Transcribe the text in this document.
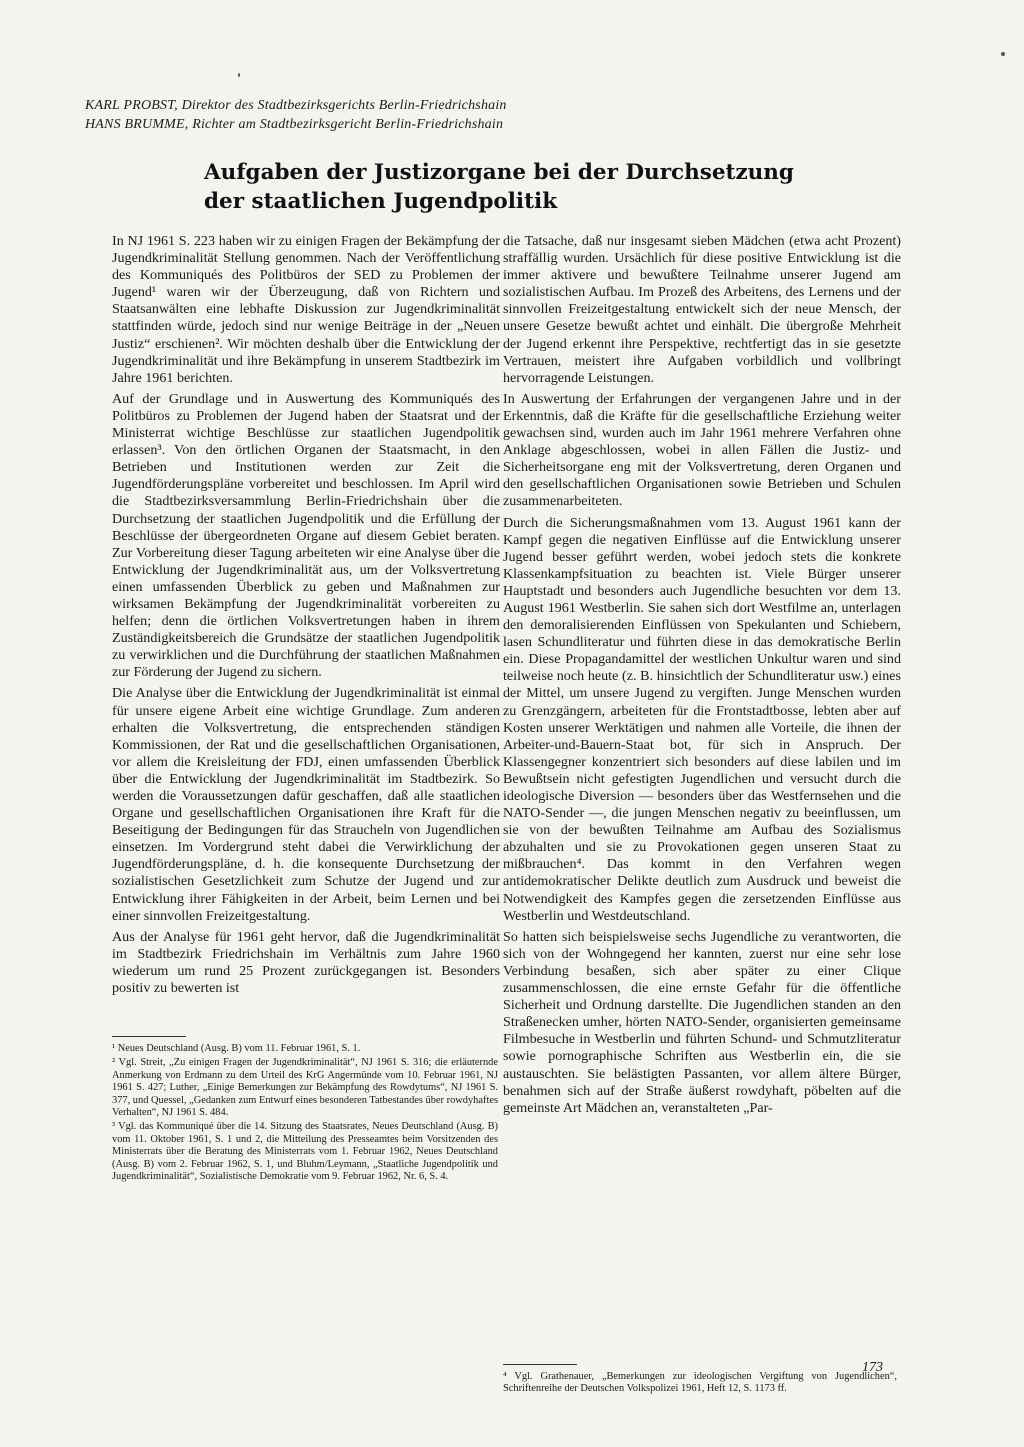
KARL PROBST, Direktor des Stadtbezirksgerichts Berlin-Friedrichshain
HANS BRUMME, Richter am Stadtbezirksgericht Berlin-Friedrichshain
Aufgaben der Justizorgane bei der Durchsetzung
der staatlichen Jugendpolitik

In NJ 1961 S. 223 haben wir zu einigen Fragen der Bekämpfung der Jugendkriminalität Stellung genommen. Nach der Veröffentlichung des Kommuniqués des Politbüros der SED zu Problemen der Jugend¹ waren wir der Überzeugung, daß von Richtern und Staatsanwälten eine lebhafte Diskussion zur Jugendkriminalität stattfinden würde, jedoch sind nur wenige Beiträge in der „Neuen Justiz“ erschienen². Wir möchten deshalb über die Entwicklung der Jugendkriminalität und ihre Bekämpfung in unserem Stadtbezirk im Jahre 1961 berichten.

Auf der Grundlage und in Auswertung des Kommuniqués des Politbüros zu Problemen der Jugend haben der Staatsrat und der Ministerrat wichtige Beschlüsse zur staatlichen Jugendpolitik erlassen³. Von den örtlichen Organen der Staatsmacht, in den Betrieben und Institutionen werden zur Zeit die Jugendförderungspläne vorbereitet und beschlossen. Im April wird die Stadtbezirksversammlung Berlin-Friedrichshain über die Durchsetzung der staatlichen Jugendpolitik und die Erfüllung der Beschlüsse der übergeordneten Organe auf diesem Gebiet beraten. Zur Vorbereitung dieser Tagung arbeiteten wir eine Analyse über die Entwicklung der Jugendkriminalität aus, um der Volksvertretung einen umfassenden Überblick zu geben und Maßnahmen zur wirksamen Bekämpfung der Jugendkriminalität vorbereiten zu helfen; denn die örtlichen Volksvertretungen haben in ihrem Zuständigkeitsbereich die Grundsätze der staatlichen Jugendpolitik zu verwirklichen und die Durchführung der staatlichen Maßnahmen zur Förderung der Jugend zu sichern.

Die Analyse über die Entwicklung der Jugendkriminalität ist einmal für unsere eigene Arbeit eine wichtige Grundlage. Zum anderen erhalten die Volksvertretung, die entsprechenden ständigen Kommissionen, der Rat und die gesellschaftlichen Organisationen, vor allem die Kreisleitung der FDJ, einen umfassenden Überblick über die Entwicklung der Jugendkriminalität im Stadtbezirk. So werden die Voraussetzungen dafür geschaffen, daß alle staatlichen Organe und gesellschaftlichen Organisationen ihre Kraft für die Beseitigung der Bedingungen für das Straucheln von Jugendlichen einsetzen. Im Vordergrund steht dabei die Verwirklichung der Jugendförderungspläne, d. h. die konsequente Durchsetzung der sozialistischen Gesetzlichkeit zum Schutze der Jugend und zur Entwicklung ihrer Fähigkeiten in der Arbeit, beim Lernen und bei einer sinnvollen Freizeitgestaltung.

Aus der Analyse für 1961 geht hervor, daß die Jugendkriminalität im Stadtbezirk Friedrichshain im Verhältnis zum Jahre 1960 wiederum um rund 25 Prozent zurückgegangen ist. Besonders positiv zu bewerten ist

die Tatsache, daß nur insgesamt sieben Mädchen (etwa acht Prozent) straffällig wurden. Ursächlich für diese positive Entwicklung ist die immer aktivere und bewußtere Teilnahme unserer Jugend am sozialistischen Aufbau. Im Prozeß des Arbeitens, des Lernens und der sinnvollen Freizeitgestaltung entwickelt sich der neue Mensch, der unsere Gesetze bewußt achtet und einhält. Die übergroße Mehrheit der Jugend erkennt ihre Perspektive, rechtfertigt das in sie gesetzte Vertrauen, meistert ihre Aufgaben vorbildlich und vollbringt hervorragende Leistungen.

In Auswertung der Erfahrungen der vergangenen Jahre und in der Erkenntnis, daß die Kräfte für die gesellschaftliche Erziehung weiter gewachsen sind, wurden auch im Jahr 1961 mehrere Verfahren ohne Anklage abgeschlossen, wobei in allen Fällen die Justiz- und Sicherheitsorgane eng mit der Volksvertretung, deren Organen und den gesellschaftlichen Organisationen sowie Betrieben und Schulen zusammenarbeiteten.

Durch die Sicherungsmaßnahmen vom 13. August 1961 kann der Kampf gegen die negativen Einflüsse auf die Entwicklung unserer Jugend besser geführt werden, wobei jedoch stets die konkrete Klassenkampfsituation zu beachten ist. Viele Bürger unserer Hauptstadt und besonders auch Jugendliche besuchten vor dem 13. August 1961 Westberlin. Sie sahen sich dort Westfilme an, unterlagen den demoralisierenden Einflüssen von Spekulanten und Schiebern, lasen Schundliteratur und führten diese in das demokratische Berlin ein. Diese Propagandamittel der westlichen Unkultur waren und sind teilweise noch heute (z. B. hinsichtlich der Schundliteratur usw.) eines der Mittel, um unsere Jugend zu vergiften. Junge Menschen wurden zu Grenzgängern, arbeiteten für die Frontstadtbosse, lebten aber auf Kosten unserer Werktätigen und nahmen alle Vorteile, die ihnen der Arbeiter-und-Bauern-Staat bot, für sich in Anspruch. Der Klassengegner konzentriert sich besonders auf diese labilen und im Bewußtsein nicht gefestigten Jugendlichen und versucht durch die ideologische Diversion — besonders über das Westfernsehen und die NATO-Sender —, die jungen Menschen negativ zu beeinflussen, um sie von der bewußten Teilnahme am Aufbau des Sozialismus abzuhalten und sie zu Provokationen gegen unseren Staat zu mißbrauchen⁴. Das kommt in den Verfahren wegen antidemokratischer Delikte deutlich zum Ausdruck und beweist die Notwendigkeit des Kampfes gegen die zersetzenden Einflüsse aus Westberlin und Westdeutschland.

So hatten sich beispielsweise sechs Jugendliche zu verantworten, die sich von der Wohngegend her kannten, zuerst nur eine sehr lose Verbindung besaßen, sich aber später zu einer Clique zusammenschlossen, die eine ernste Gefahr für die öffentliche Sicherheit und Ordnung darstellte. Die Jugendlichen standen an den Straßenecken umher, hörten NATO-Sender, organisierten gemeinsame Filmbesuche in Westberlin und führten Schund- und Schmutzliteratur sowie pornographische Schriften aus Westberlin ein, die sie austauschten. Sie belästigten Passanten, vor allem ältere Bürger, benahmen sich auf der Straße äußerst rowdyhaft, pöbelten auf die gemeinste Art Mädchen an, veranstalteten „Par-

¹ Neues Deutschland (Ausg. B) vom 11. Februar 1961, S. 1.

² Vgl. Streit, „Zu einigen Fragen der Jugendkriminalität“, NJ 1961 S. 316; die erläuternde Anmerkung von Erdmann zu dem Urteil des KrG Angermünde vom 10. Februar 1961, NJ 1961 S. 427; Luther, „Einige Bemerkungen zur Bekämpfung des Rowdytums“, NJ 1961 S. 377, und Quessel, „Gedanken zum Entwurf eines besonderen Tatbestandes über rowdyhaftes Verhalten“, NJ 1961 S. 484.

³ Vgl. das Kommuniqué über die 14. Sitzung des Staatsrates, Neues Deutschland (Ausg. B) vom 11. Oktober 1961, S. 1 und 2, die Mitteilung des Presseamtes beim Vorsitzenden des Ministerrats über die Beratung des Ministerrats vom 1. Februar 1962, Neues Deutschland (Ausg. B) vom 2. Februar 1962, S. 1, und Bluhm/Leymann, „Staatliche Jugendpolitik und Jugendkriminalität“, Sozialistische Demokratie vom 9. Februar 1962, Nr. 6, S. 4.

⁴ Vgl. Grathenauer, „Bemerkungen zur ideologischen Vergiftung von Jugendlichen“, Schriftenreihe der Deutschen Volkspolizei 1961, Heft 12, S. 1173 ff.

173
